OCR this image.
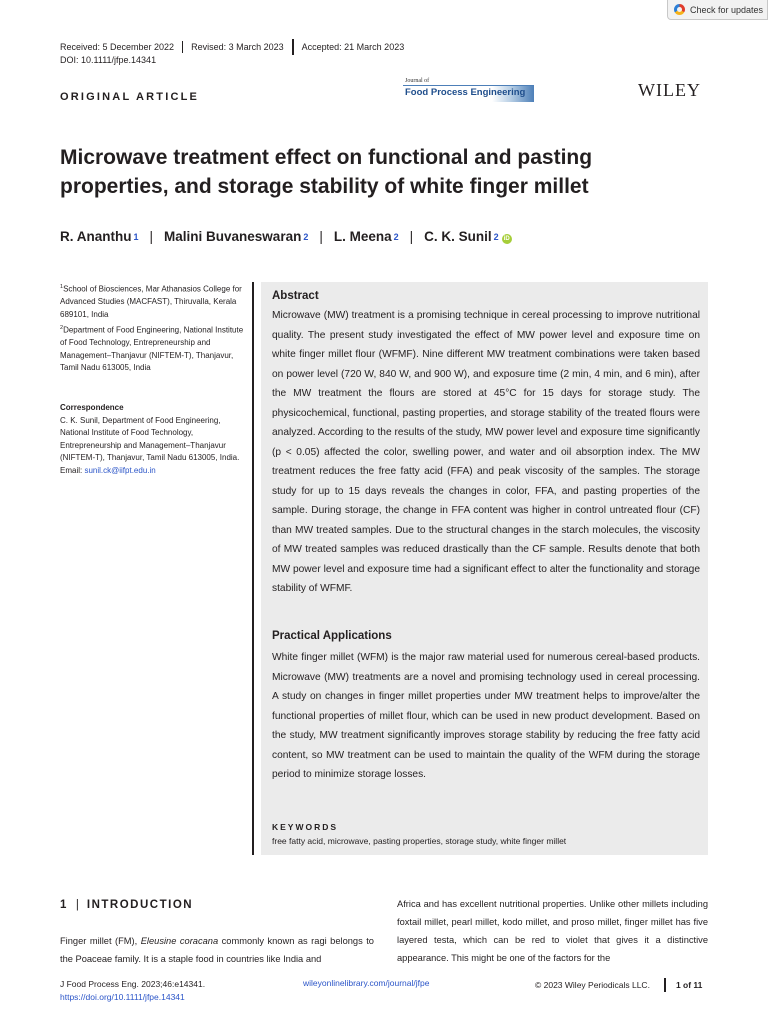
Check for updates
Received: 5 December 2022 Revised: 3 March 2023 Accepted: 21 March 2023
DOI: 10.1111/jfpe.14341
ORIGINAL ARTICLE
Journal of
Food Process Engineering	WILEY
Microwave treatment effect on functional and pasting properties, and storage stability of white finger millet
R. Ananthu$^1$ | Malini Buvaneswaran$^2$ | L. Meena$^2$ | C. K. Sunil$^2$ iD
$^1$School of Biosciences, Mar Athanasios College for Advanced Studies (MACFAST), Thiruvalla, Kerala 689101, India
$^2$Department of Food Engineering, National Institute of Food Technology, Entrepreneurship and Management–Thanjavur (NIFTEM-T), Thanjavur, Tamil Nadu 613005, India
Correspondence
C. K. Sunil, Department of Food Engineering, National Institute of Food Technology, Entrepreneurship and Management–Thanjavur (NIFTEM-T), Thanjavur, Tamil Nadu 613005, India.
Email: sunil.ck@iifpt.edu.in
Abstract

Microwave (MW) treatment is a promising technique in cereal processing to improve nutritional quality. The present study investigated the effect of MW power level and exposure time on white finger millet flour (WFMF). Nine different MW treatment combinations were taken based on power level (720 W, 840 W, and 900 W), and exposure time (2 min, 4 min, and 6 min), after the MW treatment the flours are stored at 45°C for 15 days for storage study. The physicochemical, functional, pasting properties, and storage stability of the treated flours were analyzed. According to the results of the study, MW power level and exposure time significantly (p < 0.05) affected the color, swelling power, and water and oil absorption index. The MW treatment reduces the free fatty acid (FFA) and peak viscosity of the samples. The storage study for up to 15 days reveals the changes in color, FFA, and pasting properties of the sample. During storage, the change in FFA content was higher in control untreated flour (CF) than MW treated samples. Due to the structural changes in the starch molecules, the viscosity of MW treated samples was reduced drastically than the CF sample. Results denote that both MW power level and exposure time had a significant effect to alter the functionality and storage stability of WFMF.

Practical Applications

White finger millet (WFM) is the major raw material used for numerous cereal-based products. Microwave (MW) treatments are a novel and promising technology used in cereal processing. A study on changes in finger millet properties under MW treatment helps to improve/alter the functional properties of millet flour, which can be used in new product development. Based on the study, MW treatment significantly improves storage stability by reducing the free fatty acid content, so MW treatment can be used to maintain the quality of the WFM during the storage period to minimize storage losses.

KEYWORDS
free fatty acid, microwave, pasting properties, storage study, white finger millet
1 | INTRODUCTION

Finger millet (FM), Eleusine coracana commonly known as ragi belongs to the Poaceae family. It is a staple food in countries like India and

Africa and has excellent nutritional properties. Unlike other millets including foxtail millet, pearl millet, kodo millet, and proso millet, finger millet has five layered testa, which can be red to violet that gives it a distinctive appearance. This might be one of the factors for the

J Food Process Eng. 2023;46:e14341.
https://doi.org/10.1111/jfpe.14341
wileyonlinelibrary.com/journal/jfpe	© 2023 Wiley Periodicals LLC.	1 of 11
